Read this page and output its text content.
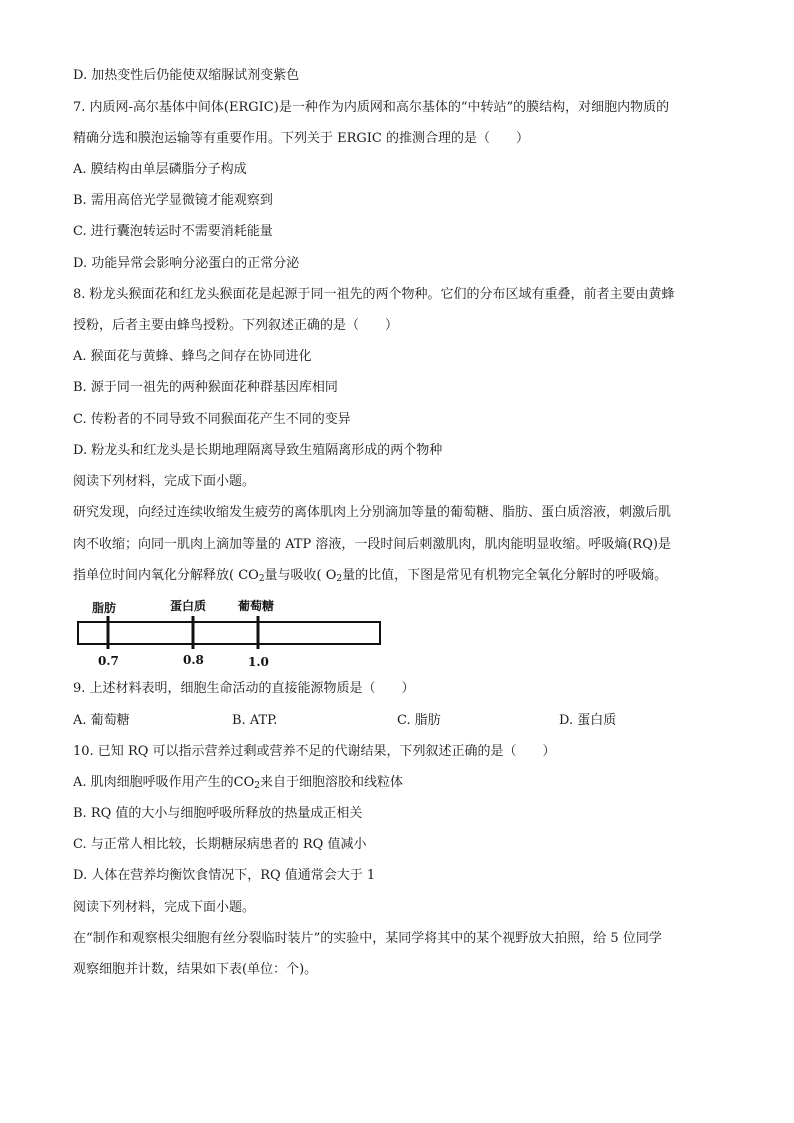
D. 加热变性后仍能使双缩脲试剂变紫色
7. 内质网-高尔基体中间体(ERGIC)是一种作为内质网和高尔基体的“中转站”的膜结构，对细胞内物质的
精确分选和膜泡运输等有重要作用。下列关于 ERGIC 的推测合理的是（　　）
A. 膜结构由单层磷脂分子构成
B. 需用高倍光学显微镜才能观察到
C. 进行囊泡转运时不需要消耗能量
D. 功能异常会影响分泌蛋白的正常分泌
8. 粉龙头猴面花和红龙头猴面花是起源于同一祖先的两个物种。它们的分布区域有重叠，前者主要由黄蜂
授粉，后者主要由蜂鸟授粉。下列叙述正确的是（　　）
A. 猴面花与黄蜂、蜂鸟之间存在协同进化
B. 源于同一祖先的两种猴面花种群基因库相同
C. 传粉者的不同导致不同猴面花产生不同的变异
D. 粉龙头和红龙头是长期地理隔离导致生殖隔离形成的两个物种
阅读下列材料，完成下面小题。
研究发现，向经过连续收缩发生疲劳的离体肌肉上分别滴加等量的葡萄糖、脂肪、蛋白质溶液，刺激后肌
肉不收缩；向同一肌肉上滴加等量的 ATP 溶液，一段时间后刺激肌肉，肌肉能明显收缩。呼吸熵(RQ)是
指单位时间内氧化分解释放( $CO_2$量与吸收( $O_2$量的比值，下图是常见有机物完全氧化分解时的呼吸熵。
脂肪	蛋白质	葡萄糖
0.7	0.8	1.0
9. 上述材料表明，细胞生命活动的直接能源物质是（　　）
A. 葡萄糖	B. ATP.	C. 脂肪	D. 蛋白质
10. 已知 RQ 可以指示营养过剩或营养不足的代谢结果，下列叙述正确的是（　　）
A. 肌肉细胞呼吸作用产生的$CO_2$来自于细胞溶胶和线粒体
B. RQ 值的大小与细胞呼吸所释放的热量成正相关
C. 与正常人相比较，长期糖尿病患者的 RQ 值减小
D. 人体在营养均衡饮食情况下，RQ 值通常会大于 1
阅读下列材料，完成下面小题。
在“制作和观察根尖细胞有丝分裂临时装片”的实验中，某同学将其中的某个视野放大拍照，给 5 位同学
观察细胞并计数，结果如下表(单位：个)。
